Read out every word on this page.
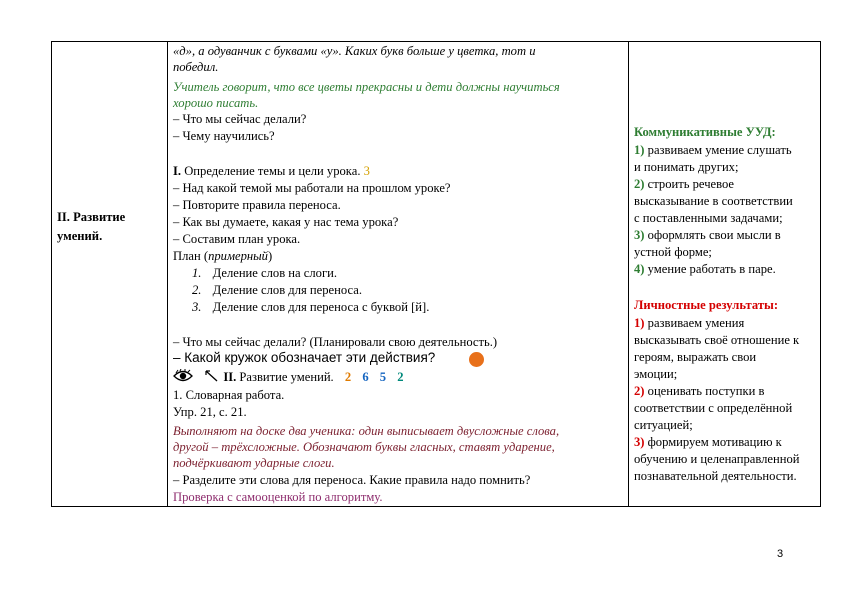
II. Развитие
умений.
«д», а одуванчик с буквами «у». Каких букв больше у цветка, тот и
победил.
Учитель говорит, что все цветы прекрасны и дети должны научиться
хорошо писать.
– Что мы сейчас делали?
– Чему научились?
I. Определение темы и цели урока. 3
– Над какой темой мы работали на прошлом уроке?
– Повторите правила переноса.
– Как вы думаете, какая у нас тема урока?
– Составим план урока.
План (примерный)
1. Деление слов на слоги.
2. Деление слов для переноса.
3. Деление слов для переноса с буквой [й].
– Что мы сейчас делали? (Планировали свою деятельность.)
– Какой кружок обозначает эти действия?
II. Развитие умений. 2 6 5 2
1. Словарная работа.
Упр. 21, с. 21.
Выполняют на доске два ученика: один выписывает двусложные слова,
другой – трёхсложные. Обозначают буквы гласных, ставят ударение,
подчёркивают ударные слоги.
– Разделите эти слова для переноса. Какие правила надо помнить?
Проверка с самооценкой по алгоритму.
Коммуникативные УУД:
1) развиваем умение слушать
и понимать других;
2) строить речевое
высказывание в соответствии
с поставленными задачами;
3) оформлять свои мысли в
устной форме;
4) умение работать в паре.
Личностные результаты:
1) развиваем умения
высказывать своё отношение к
героям, выражать свои
эмоции;
2) оценивать поступки в
соответствии с определённой
ситуацией;
3) формируем мотивацию к
обучению и целенаправленной
познавательной деятельности.
3
